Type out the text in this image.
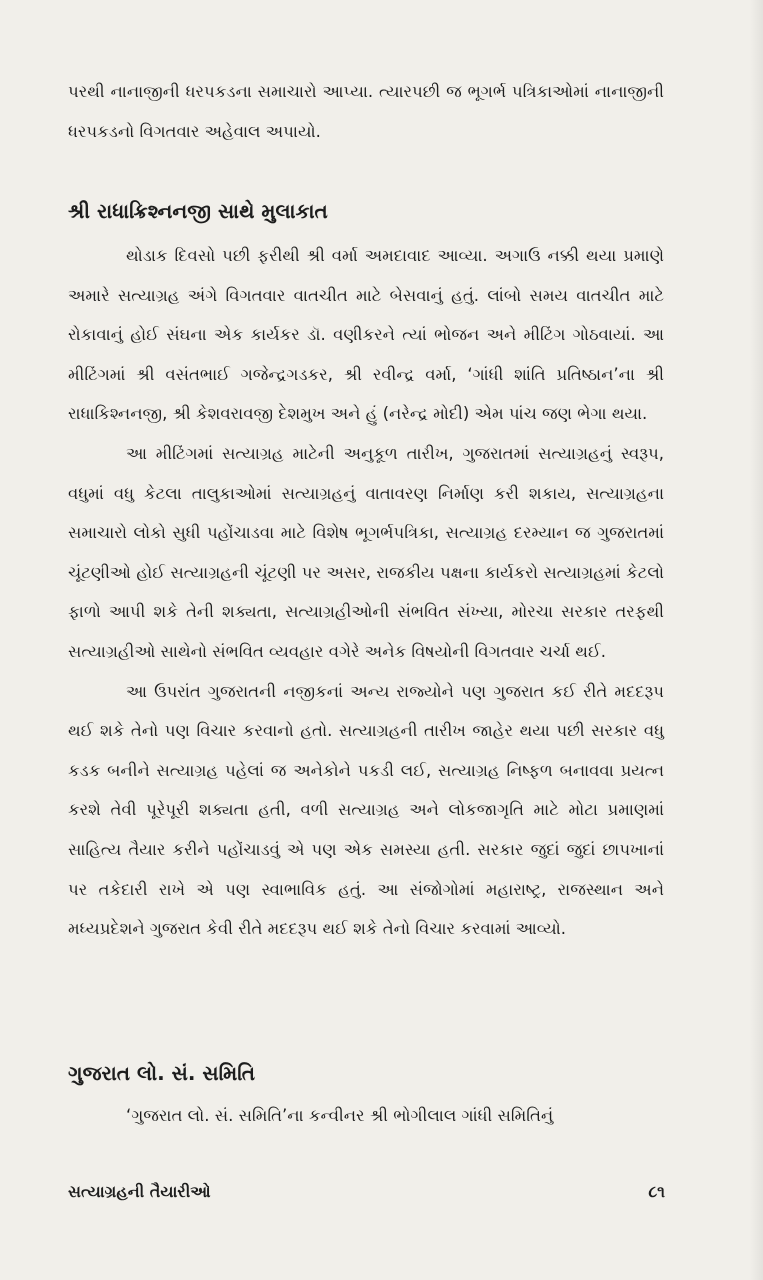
પરથી નાનાજીની ધરપકડના સમાચારો આપ્યા. ત્યારપછી જ ભૂગર્ભ પત્રિકાઓમાં નાનાજીની ધરપકડનો વિગતવાર અહેવાલ અપાયો.

શ્રી રાધાક્રિશ્નનજી સાથે મુલાકાત

થોડાક દિવસો પછી ફરીથી શ્રી વર્મા અમદાવાદ આવ્યા. અગાઉ નક્કી થયા પ્રમાણે અમારે સત્યાગ્રહ અંગે વિગતવાર વાતચીત માટે બેસવાનું હતું. લાંબો સમય વાતચીત માટે રોકાવાનું હોઈ સંઘના એક કાર્યકર ડૉ. વણીકરને ત્યાં ભોજન અને મીટિંગ ગોઠવાયાં. આ મીટિંગમાં શ્રી વસંતભાઈ ગજેન્દ્રગડકર, શ્રી રવીન્દ્ર વર્મા, ‘ગાંધી શાંતિ પ્રતિષ્ઠાન’ના શ્રી રાધાકિશ્નનજી, શ્રી કેશવરાવજી દેશમુખ અને હું (નરેન્દ્ર મોદી) એમ પાંચ જણ ભેગા થયા.

આ મીટિંગમાં સત્યાગ્રહ માટેની અનુકૂળ તારીખ, ગુજરાતમાં સત્યાગ્રહનું સ્વરૂપ, વધુમાં વધુ કેટલા તાલુકાઓમાં સત્યાગ્રહનું વાતાવરણ નિર્માણ કરી શકાય, સત્યાગ્રહના સમાચારો લોકો સુધી પહોંચાડવા માટે વિશેષ ભૂગર્ભપત્રિકા, સત્યાગ્રહ દરમ્યાન જ ગુજરાતમાં ચૂંટણીઓ હોઈ સત્યાગ્રહની ચૂંટણી પર અસર, રાજકીય પક્ષના કાર્યકરો સત્યાગ્રહમાં કેટલો ફાળો આપી શકે તેની શક્યતા, સત્યાગ્રહીઓની સંભવિત સંખ્યા, મોરચા સરકાર તરફથી સત્યાગ્રહીઓ સાથેનો સંભવિત વ્યવહાર વગેરે અનેક વિષયોની વિગતવાર ચર્ચા થઈ.

આ ઉપરાંત ગુજરાતની નજીકનાં અન્ય રાજ્યોને પણ ગુજરાત કઈ રીતે મદદરૂપ થઈ શકે તેનો પણ વિચાર કરવાનો હતો. સત્યાગ્રહની તારીખ જાહેર થયા પછી સરકાર વધુ કડક બનીને સત્યાગ્રહ પહેલાં જ અનેકોને પકડી લઈ, સત્યાગ્રહ નિષ્ફળ બનાવવા પ્રયત્ન કરશે તેવી પૂરેપૂરી શક્યતા હતી, વળી સત્યાગ્રહ અને લોકજાગૃતિ માટે મોટા પ્રમાણમાં સાહિત્ય તૈયાર કરીને પહોંચાડવું એ પણ એક સમસ્યા હતી. સરકાર જુદાં જુદાં છાપખાનાં પર તકેદારી રાખે એ પણ સ્વાભાવિક હતું. આ સંજોગોમાં મહારાષ્ટ્ર, રાજસ્થાન અને મધ્યપ્રદેશને ગુજરાત કેવી રીતે મદદરૂપ થઈ શકે તેનો વિચાર કરવામાં આવ્યો.

ગુજરાત લો. સં. સમિતિ

‘ગુજરાત લો. સં. સમિતિ’ના કન્વીનર શ્રી ભોગીલાલ ગાંધી સમિતિનું

સત્યાગ્રહની તૈયારીઓ	૮૧
